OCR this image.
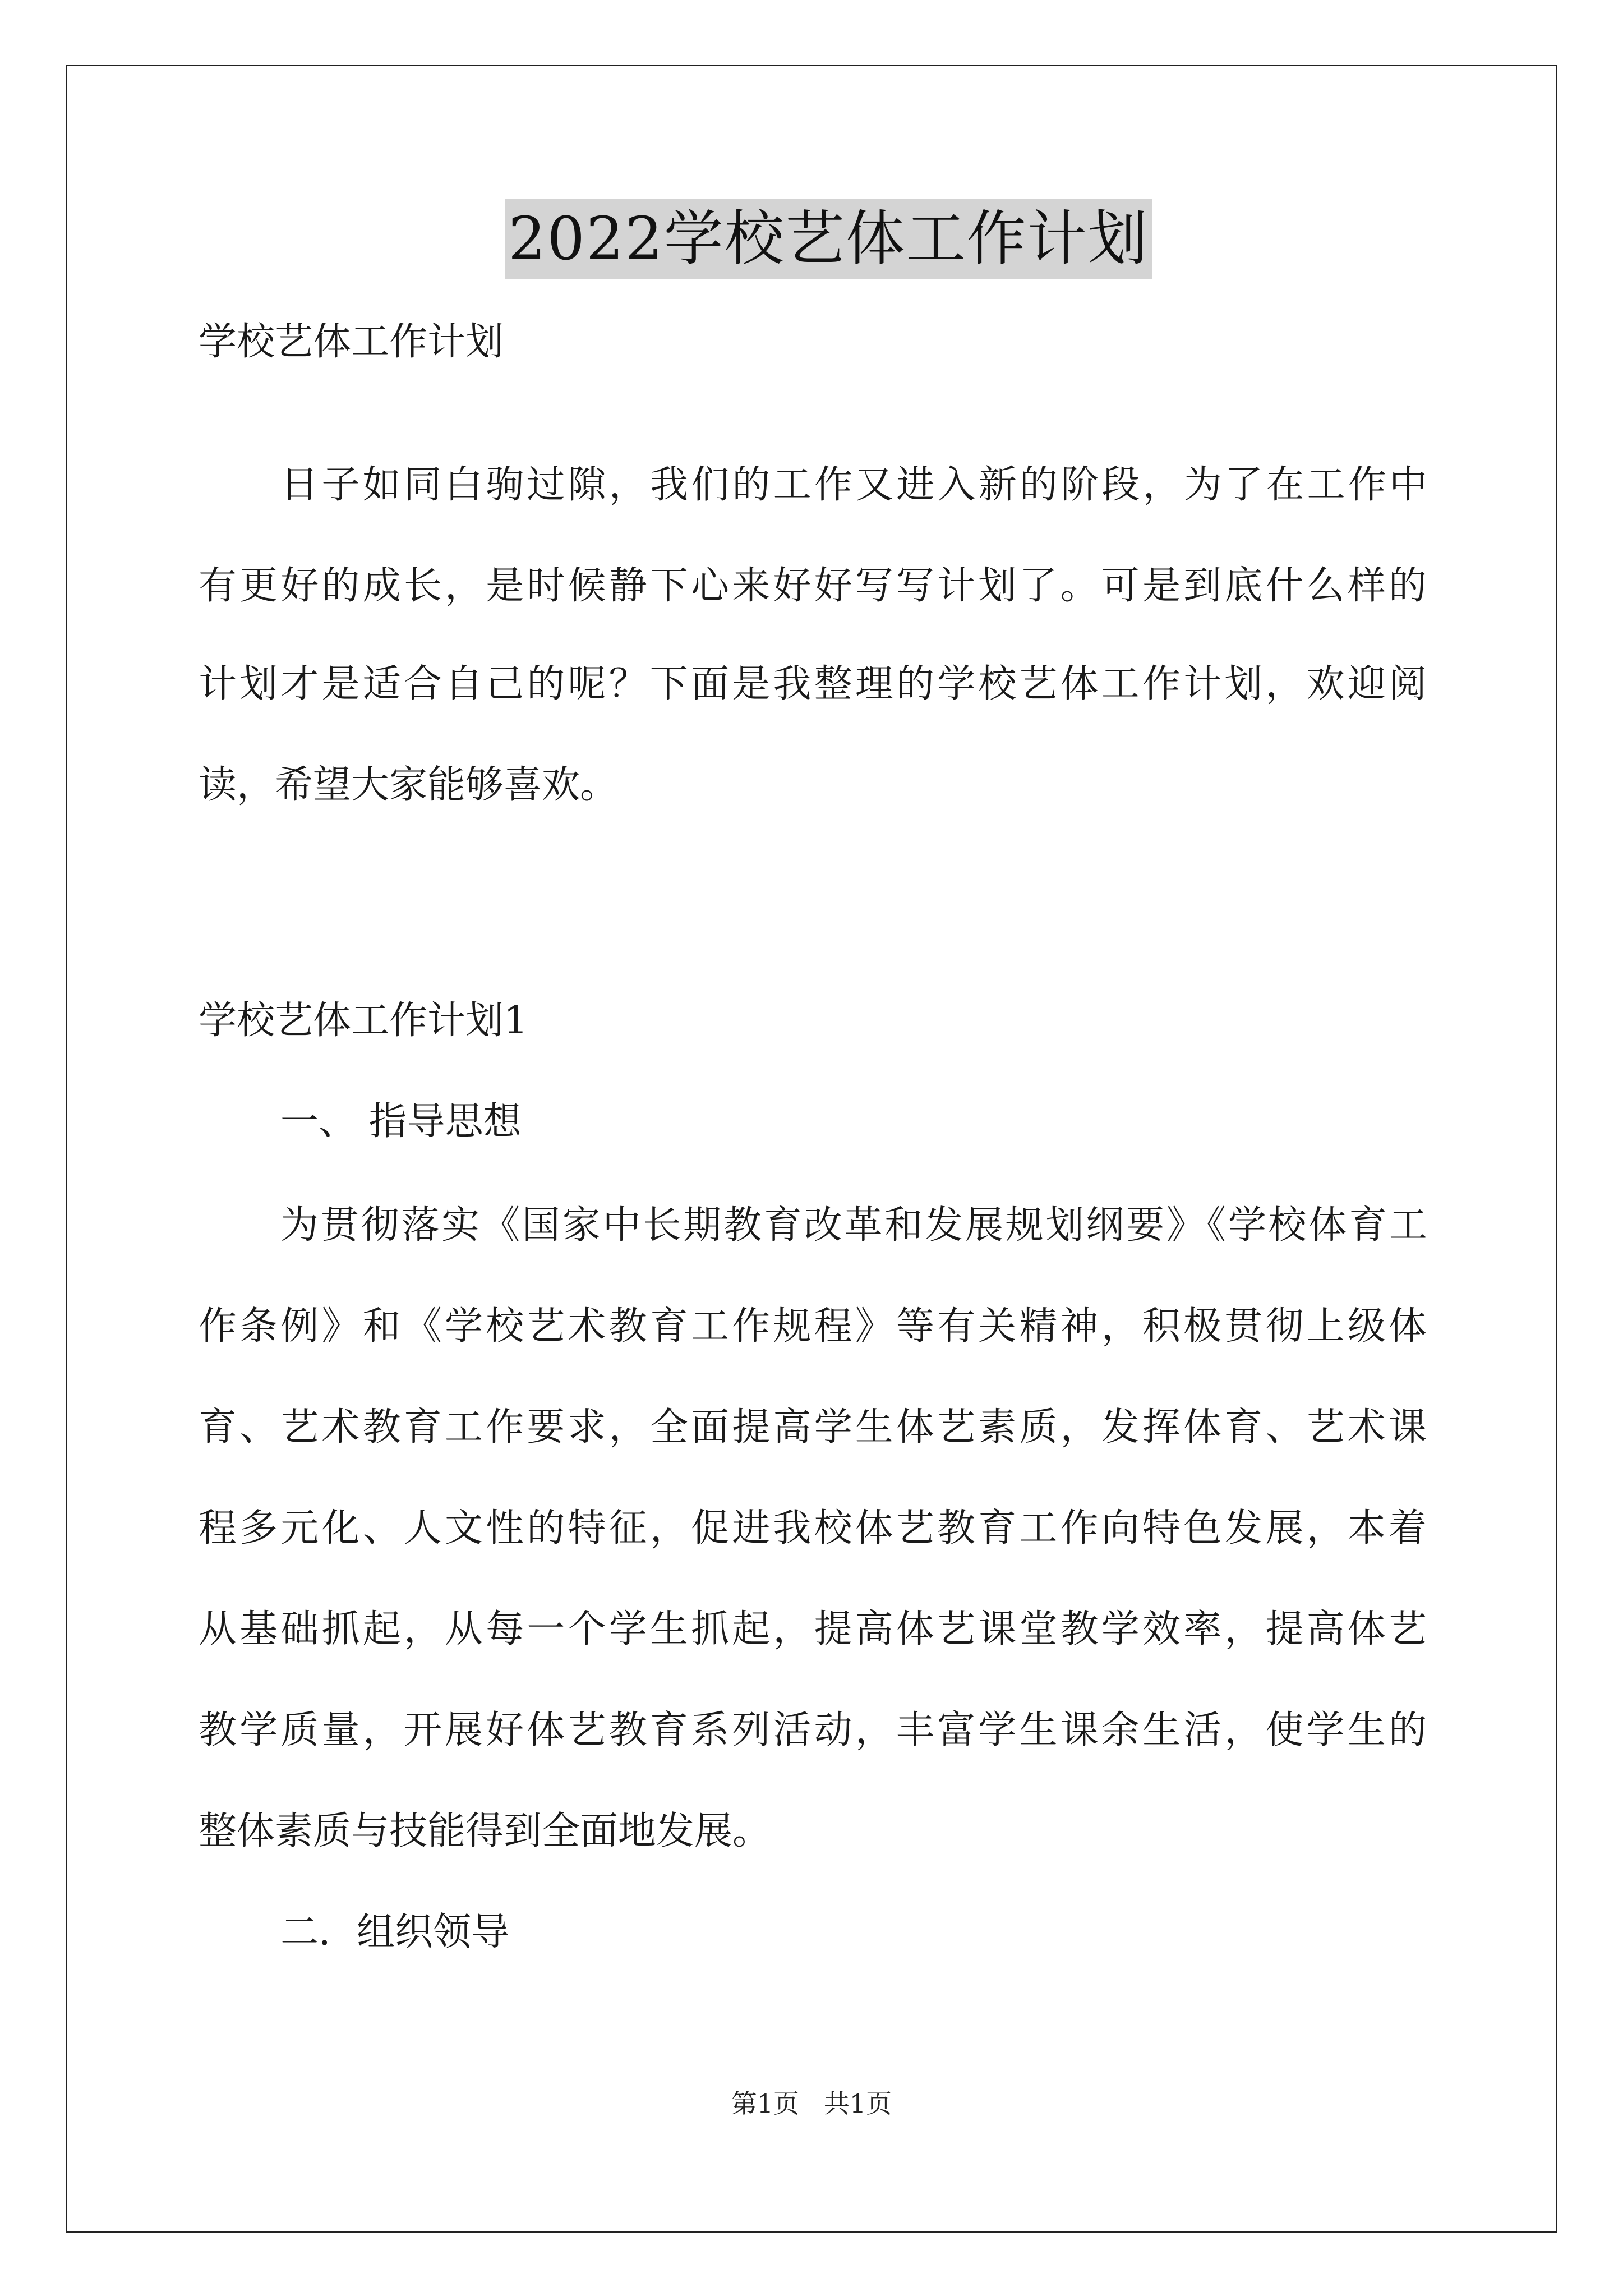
2022学校艺体工作计划
学校艺体工作计划
日子如同白驹过隙，我们的工作又进入新的阶段，为了在工作中
有更好的成长，是时候静下心来好好写写计划了。可是到底什么样的
计划才是适合自己的呢？下面是我整理的学校艺体工作计划，欢迎阅
读，希望大家能够喜欢。
学校艺体工作计划1
一、 指导思想
为贯彻落实《国家中长期教育改革和发展规划纲要》《学校体育工
作条例》和《学校艺术教育工作规程》等有关精神，积极贯彻上级体
育、艺术教育工作要求，全面提高学生体艺素质，发挥体育、艺术课
程多元化、人文性的特征，促进我校体艺教育工作向特色发展，本着
从基础抓起，从每一个学生抓起，提高体艺课堂教学效率，提高体艺
教学质量，开展好体艺教育系列活动，丰富学生课余生活，使学生的
整体素质与技能得到全面地发展。
二．组织领导
第1页   共1页
